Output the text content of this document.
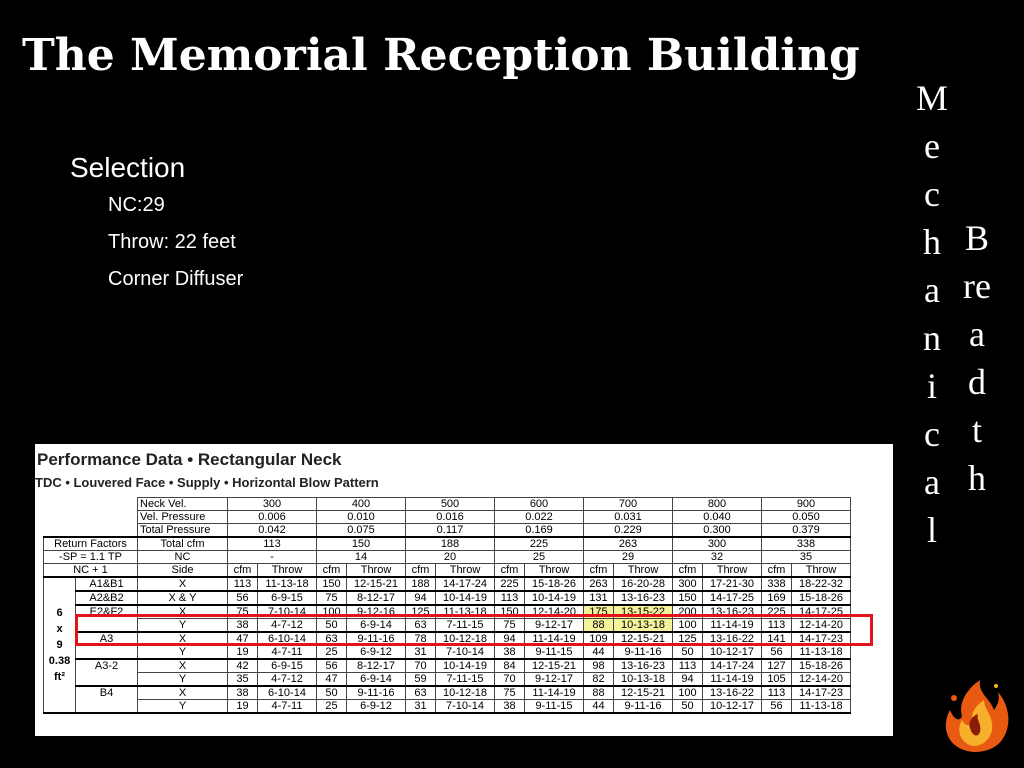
The Memorial Reception Building
M
e
c
h
a
n
i
c
a
l
B
re
a
d
t
h
Selection
NC:29
Throw: 22 feet
Corner Diffuser
Performance Data • Rectangular Neck
TDC • Louvered Face • Supply • Horizontal Blow Pattern
		Neck Vel.	300		400		500		600		700		800		900	
		Vel. Pressure	0.006		0.010		0.016		0.022		0.031		0.040		0.050	
		Total Pressure	0.042		0.075		0.117		0.169		0.229		0.300		0.379	
Return Factors		Total cfm	113		150		188		225		263		300		338	
-SP = 1.1 TP		NC	-		14		20		25		29		32		35	
NC + 1		Side	cfm	Throw	cfm	Throw	cfm	Throw	cfm	Throw	cfm	Throw	cfm	Throw	cfm	Throw

6
x
9
0.38
ft²	A1&B1	X	113	11-13-18	150	12-15-21	188	14-17-24	225	15-18-26	263	16-20-28	300	17-21-30	338	18-22-32
	A2&B2	X & Y	56	6-9-15	75	8-12-17	94	10-14-19	113	10-14-19	131	13-16-23	150	14-17-25	169	15-18-26
	E2&F2	X	75	7-10-14	100	9-12-16	125	11-13-18	150	12-14-20	175	13-15-22	200	13-16-23	225	14-17-25
		Y	38	4-7-12	50	6-9-14	63	7-11-15	75	9-12-17	88	10-13-18	100	11-14-19	113	12-14-20
	A3	X	47	6-10-14	63	9-11-16	78	10-12-18	94	11-14-19	109	12-15-21	125	13-16-22	141	14-17-23
		Y	19	4-7-11	25	6-9-12	31	7-10-14	38	9-11-15	44	9-11-16	50	10-12-17	56	11-13-18
	A3-2	X	42	6-9-15	56	8-12-17	70	10-14-19	84	12-15-21	98	13-16-23	113	14-17-24	127	15-18-26
		Y	35	4-7-12	47	6-9-14	59	7-11-15	70	9-12-17	82	10-13-18	94	11-14-19	105	12-14-20
	B4	X	38	6-10-14	50	9-11-16	63	10-12-18	75	11-14-19	88	12-15-21	100	13-16-22	113	14-17-23
		Y	19	4-7-11	25	6-9-12	31	7-10-14	38	9-11-15	44	9-11-16	50	10-12-17	56	11-13-18
